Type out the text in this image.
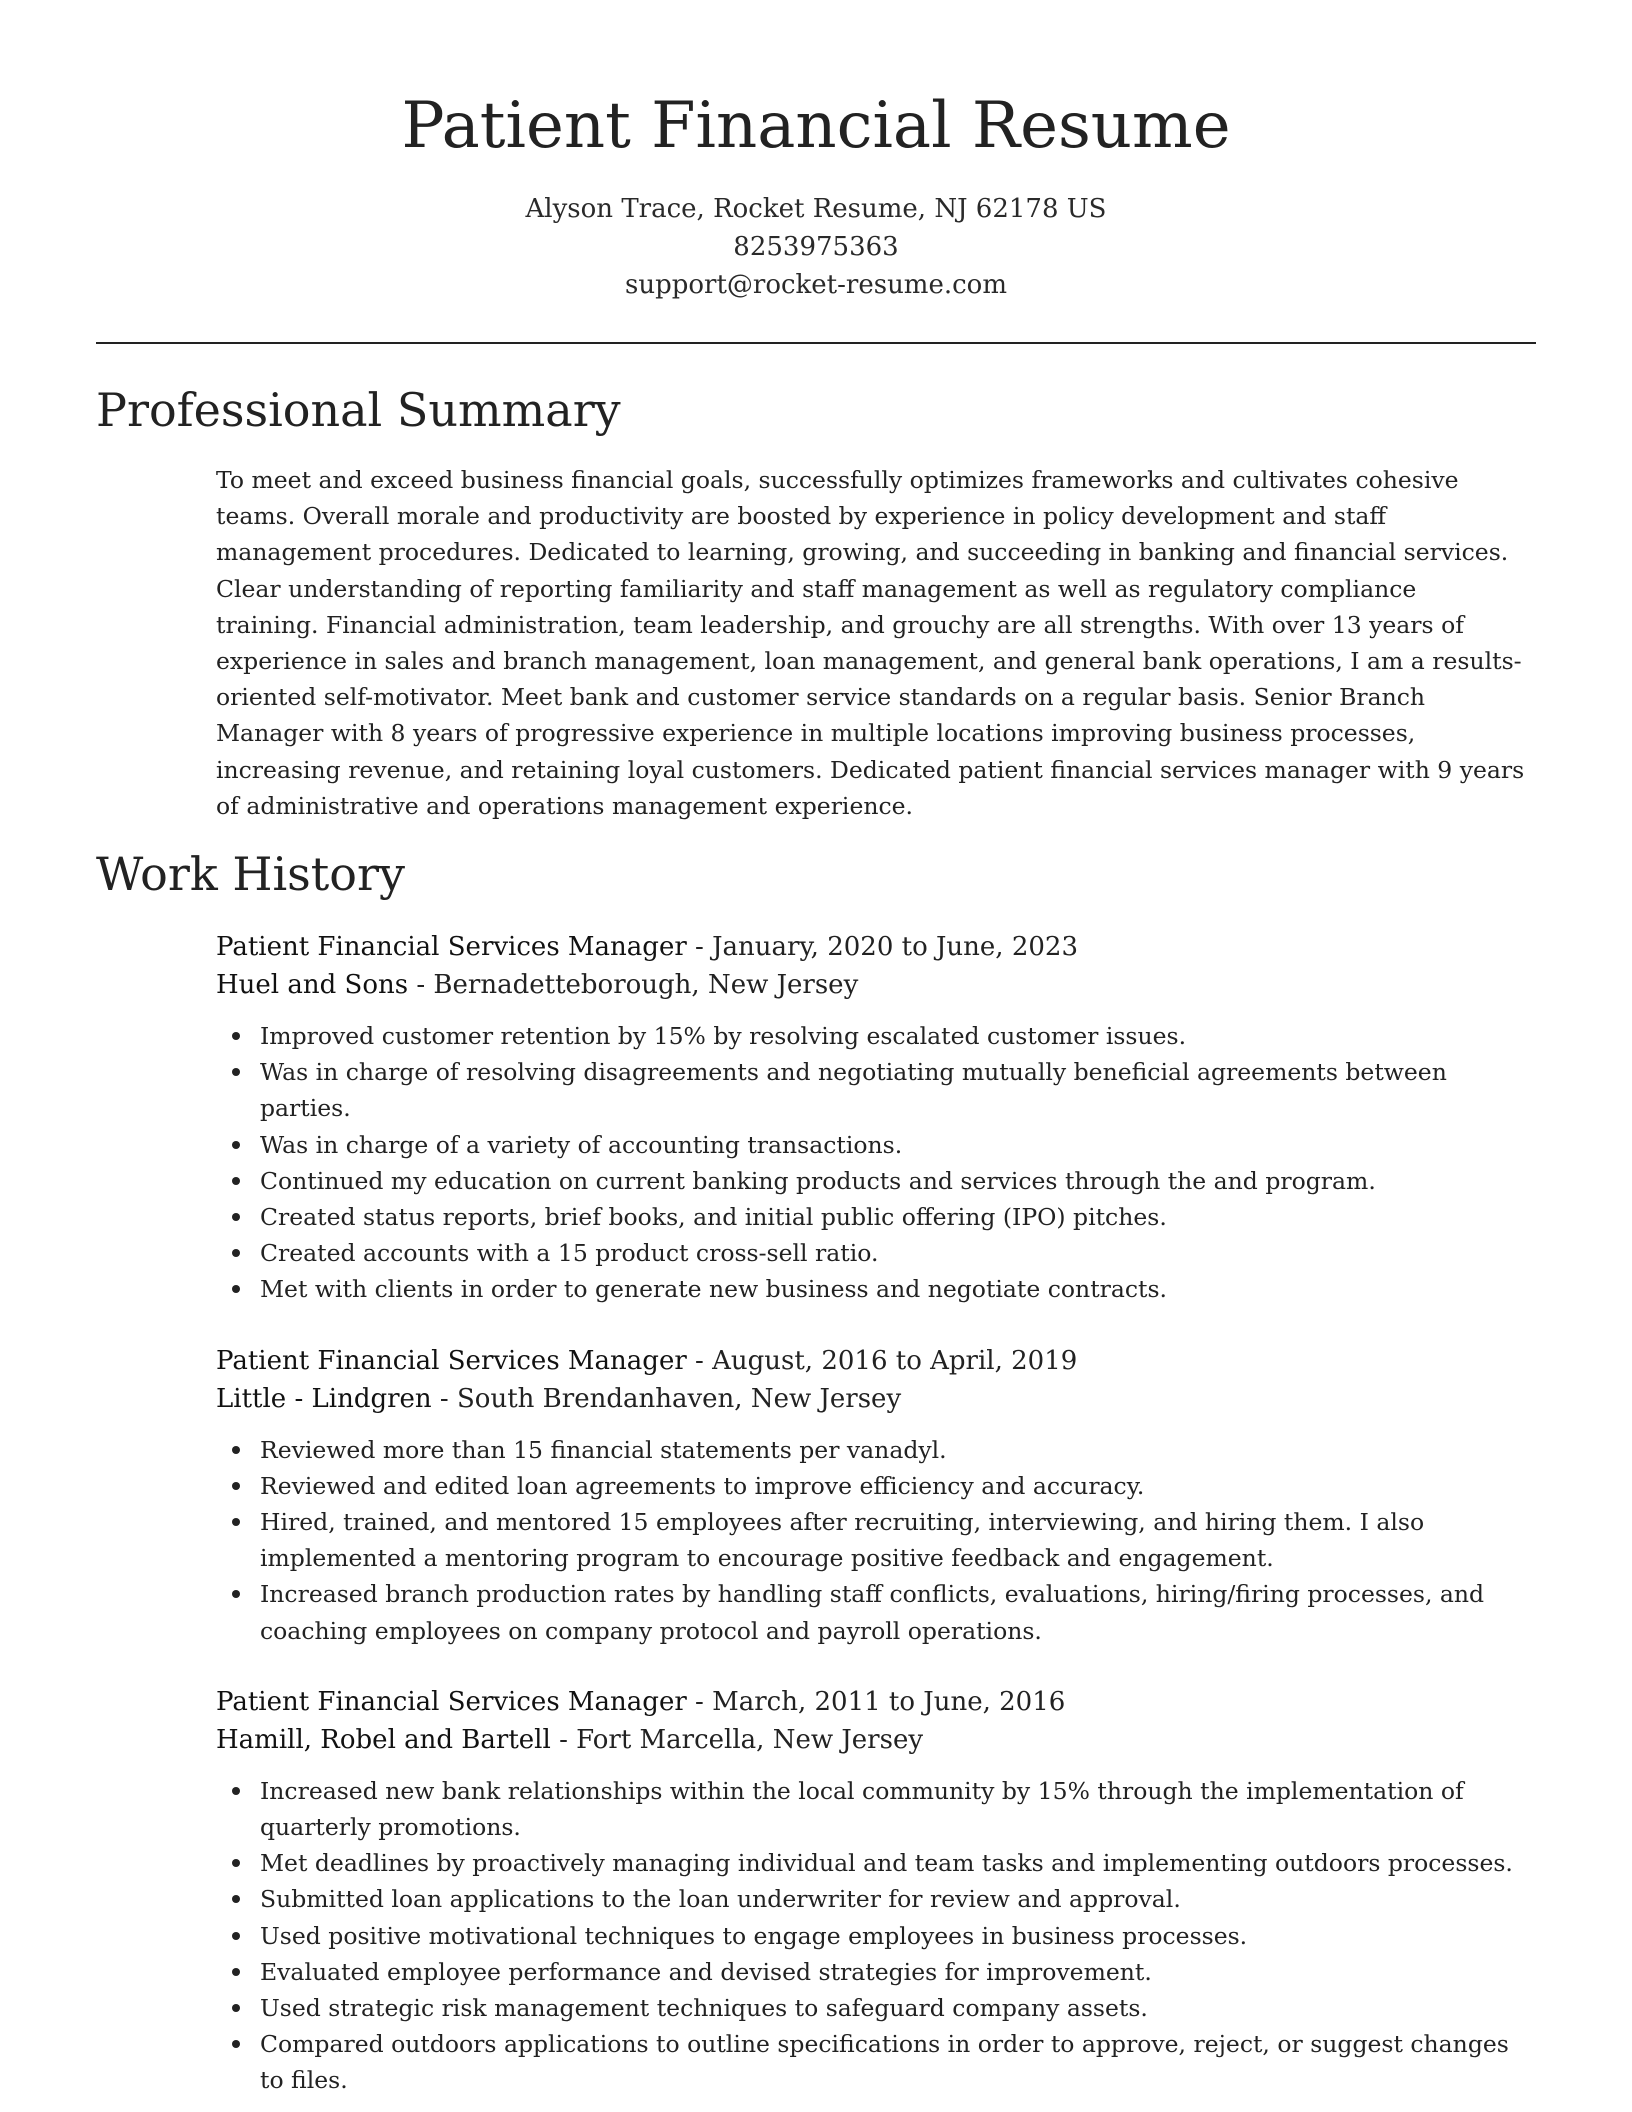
Patient Financial Resume
Alyson Trace, Rocket Resume, NJ 62178 US
8253975363
support@rocket-resume.com
Professional Summary

To meet and exceed business financial goals, successfully optimizes frameworks and cultivates cohesive teams. Overall morale and productivity are boosted by experience in policy development and staff management procedures. Dedicated to learning, growing, and succeeding in banking and financial services. Clear understanding of reporting familiarity and staff management as well as regulatory compliance training. Financial administration, team leadership, and grouchy are all strengths. With over 13 years of experience in sales and branch management, loan management, and general bank operations, I am a results-oriented self-motivator. Meet bank and customer service standards on a regular basis. Senior Branch Manager with 8 years of progressive experience in multiple locations improving business processes, increasing revenue, and retaining loyal customers. Dedicated patient financial services manager with 9 years of administrative and operations management experience.

Work History
Patient Financial Services Manager - January, 2020 to June, 2023
Huel and Sons - Bernadetteborough, New Jersey
Improved customer retention by 15% by resolving escalated customer issues.
Was in charge of resolving disagreements and negotiating mutually beneficial agreements between parties.
Was in charge of a variety of accounting transactions.
Continued my education on current banking products and services through the and program.
Created status reports, brief books, and initial public offering (IPO) pitches.
Created accounts with a 15 product cross-sell ratio.
Met with clients in order to generate new business and negotiate contracts.
Patient Financial Services Manager - August, 2016 to April, 2019
Little - Lindgren - South Brendanhaven, New Jersey
Reviewed more than 15 financial statements per vanadyl.
Reviewed and edited loan agreements to improve efficiency and accuracy.
Hired, trained, and mentored 15 employees after recruiting, interviewing, and hiring them. I also implemented a mentoring program to encourage positive feedback and engagement.
Increased branch production rates by handling staff conflicts, evaluations, hiring/firing processes, and coaching employees on company protocol and payroll operations.
Patient Financial Services Manager - March, 2011 to June, 2016
Hamill, Robel and Bartell - Fort Marcella, New Jersey
Increased new bank relationships within the local community by 15% through the implementation of quarterly promotions.
Met deadlines by proactively managing individual and team tasks and implementing outdoors processes.
Submitted loan applications to the loan underwriter for review and approval.
Used positive motivational techniques to engage employees in business processes.
Evaluated employee performance and devised strategies for improvement.
Used strategic risk management techniques to safeguard company assets.
Compared outdoors applications to outline specifications in order to approve, reject, or suggest changes to files.
